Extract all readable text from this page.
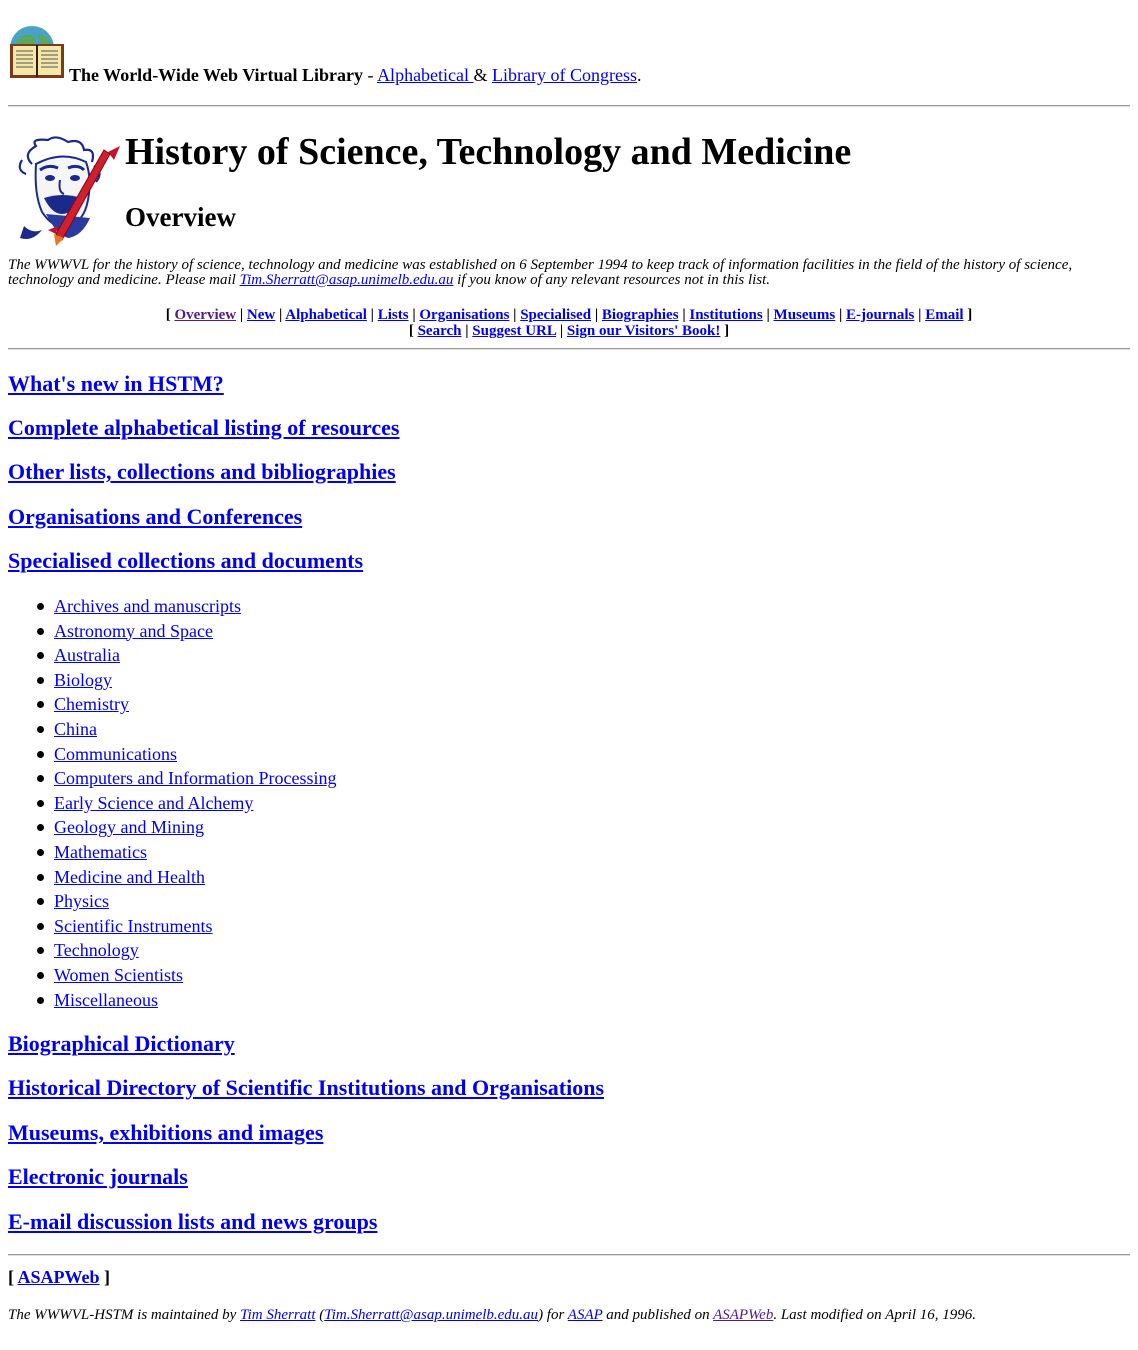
The World-Wide Web Virtual Library - Alphabetical & Library of Congress.
History of Science, Technology and Medicine
Overview
The WWWVL for the history of science, technology and medicine was established on 6 September 1994 to keep track of information facilities in the field of the history of science, technology and medicine. Please mail Tim.Sherratt@asap.unimelb.edu.au if you know of any relevant resources not in this list.
[ Overview | New | Alphabetical | Lists | Organisations | Specialised | Biographies | Institutions | Museums | E-journals | Email ]
[ Search | Suggest URL | Sign our Visitors' Book! ]
What's new in HSTM?
Complete alphabetical listing of resources
Other lists, collections and bibliographies
Organisations and Conferences
Specialised collections and documents
Archives and manuscripts
Astronomy and Space
Australia
Biology
Chemistry
China
Communications
Computers and Information Processing
Early Science and Alchemy
Geology and Mining
Mathematics
Medicine and Health
Physics
Scientific Instruments
Technology
Women Scientists
Miscellaneous
Biographical Dictionary
Historical Directory of Scientific Institutions and Organisations
Museums, exhibitions and images
Electronic journals
E-mail discussion lists and news groups
[ ASAPWeb ]
The WWWVL-HSTM is maintained by Tim Sherratt (Tim.Sherratt@asap.unimelb.edu.au) for ASAP and published on ASAPWeb. Last modified on April 16, 1996.
